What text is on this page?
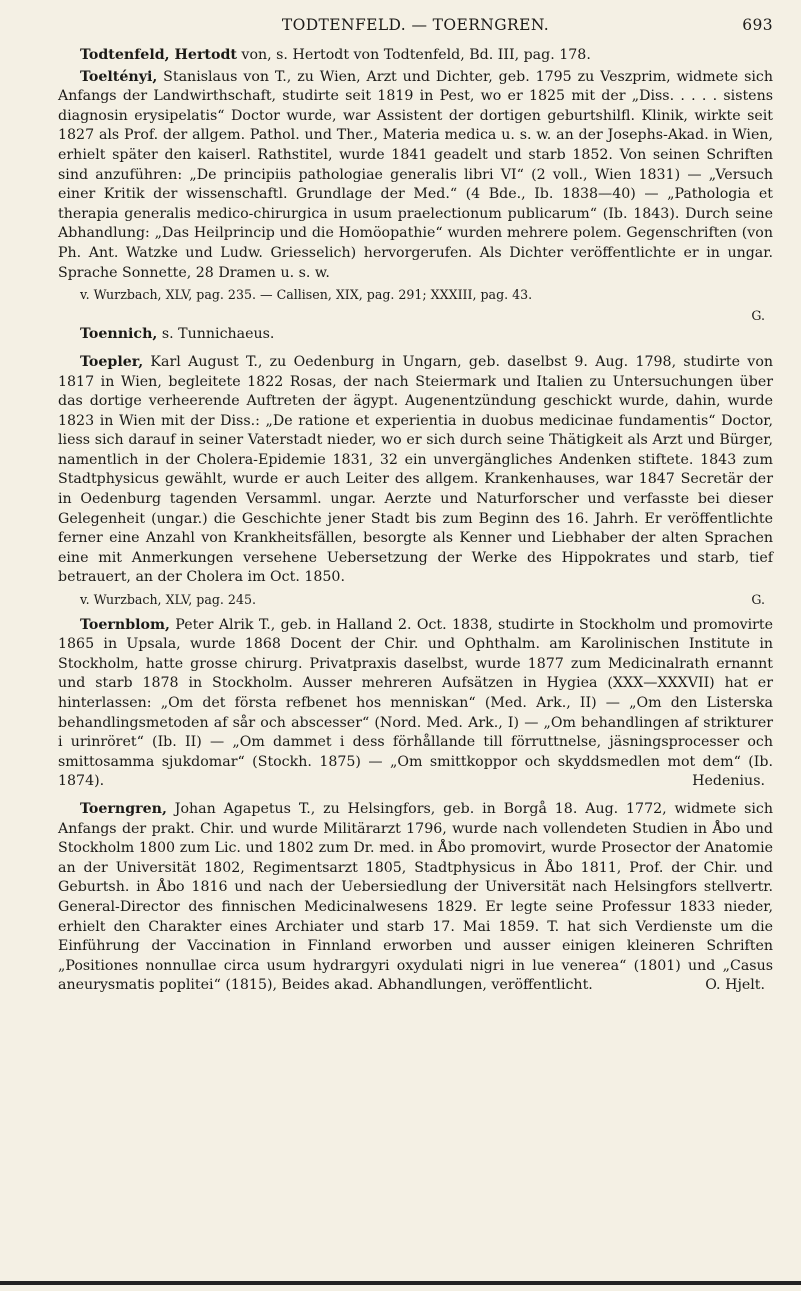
TODTENFELD. — TOERNGREN.	693
Todtenfeld, Hertodt von, s. Hertodt von Todtenfeld, Bd. III, pag. 178.
Toeltényi, Stanislaus von T., zu Wien, Arzt und Dichter, geb. 1795 zu Veszprim, widmete sich Anfangs der Landwirthschaft, studirte seit 1819 in Pest, wo er 1825 mit der „Diss. . . . . sistens diagnosin erysipelatis“ Doctor wurde, war Assistent der dortigen geburtshilfl. Klinik, wirkte seit 1827 als Prof. der allgem. Pathol. und Ther., Materia medica u. s. w. an der Josephs-Akad. in Wien, erhielt später den kaiserl. Rathstitel, wurde 1841 geadelt und starb 1852. Von seinen Schriften sind anzuführen: „De principiis pathologiae generalis libri VI“ (2 voll., Wien 1831) — „Versuch einer Kritik der wissenschaftl. Grundlage der Med.“ (4 Bde., Ib. 1838—40) — „Pathologia et therapia generalis medico-chirurgica in usum praelectionum publicarum“ (Ib. 1843). Durch seine Abhandlung: „Das Heilprincip und die Homöopathie“ wurden mehrere polem. Gegenschriften (von Ph. Ant. Watzke und Ludw. Griesselich) hervorgerufen. Als Dichter veröffentlichte er in ungar. Sprache Sonnette, 28 Dramen u. s. w.
v. Wurzbach, XLV, pag. 235. — Callisen, XIX, pag. 291; XXXIII, pag. 43.
G.
Toennich, s. Tunnichaeus.
Toepler, Karl August T., zu Oedenburg in Ungarn, geb. daselbst 9. Aug. 1798, studirte von 1817 in Wien, begleitete 1822 Rosas, der nach Steiermark und Italien zu Untersuchungen über das dortige verheerende Auftreten der ägypt. Augenentzündung geschickt wurde, dahin, wurde 1823 in Wien mit der Diss.: „De ratione et experientia in duobus medicinae fundamentis“ Doctor, liess sich darauf in seiner Vaterstadt nieder, wo er sich durch seine Thätigkeit als Arzt und Bürger, namentlich in der Cholera-Epidemie 1831, 32 ein unvergängliches Andenken stiftete. 1843 zum Stadtphysicus gewählt, wurde er auch Leiter des allgem. Krankenhauses, war 1847 Secretär der in Oedenburg tagenden Versamml. ungar. Aerzte und Naturforscher und verfasste bei dieser Gelegenheit (ungar.) die Geschichte jener Stadt bis zum Beginn des 16. Jahrh. Er veröffentlichte ferner eine Anzahl von Krankheitsfällen, besorgte als Kenner und Liebhaber der alten Sprachen eine mit Anmerkungen versehene Uebersetzung der Werke des Hippokrates und starb, tief betrauert, an der Cholera im Oct. 1850.
v. Wurzbach, XLV, pag. 245.	G.
Toernblom, Peter Alrik T., geb. in Halland 2. Oct. 1838, studirte in Stockholm und promovirte 1865 in Upsala, wurde 1868 Docent der Chir. und Ophthalm. am Karolinischen Institute in Stockholm, hatte grosse chirurg. Privatpraxis daselbst, wurde 1877 zum Medicinalrath ernannt und starb 1878 in Stockholm. Ausser mehreren Aufsätzen in Hygiea (XXX—XXXVII) hat er hinterlassen: „Om det första refbenet hos menniskan“ (Med. Ark., II) — „Om den Listerska behandlingsmetoden af sår och abscesser“ (Nord. Med. Ark., I) — „Om behandlingen af strikturer i urinröret“ (Ib. II) — „Om dammet i dess förhållande till förruttnelse, jäsningsprocesser och smittosamma sjukdomar“ (Stockh. 1875) — „Om smittkoppor och skyddsmedlen mot dem“ (Ib. 1874).	Hedenius.
Toerngren, Johan Agapetus T., zu Helsingfors, geb. in Borgå 18. Aug. 1772, widmete sich Anfangs der prakt. Chir. und wurde Militärarzt 1796, wurde nach vollendeten Studien in Åbo und Stockholm 1800 zum Lic. und 1802 zum Dr. med. in Åbo promovirt, wurde Prosector der Anatomie an der Universität 1802, Regimentsarzt 1805, Stadtphysicus in Åbo 1811, Prof. der Chir. und Geburtsh. in Åbo 1816 und nach der Uebersiedlung der Universität nach Helsingfors stellvertr. General-Director des finnischen Medicinalwesens 1829. Er legte seine Professur 1833 nieder, erhielt den Charakter eines Archiater und starb 17. Mai 1859. T. hat sich Verdienste um die Einführung der Vaccination in Finnland erworben und ausser einigen kleineren Schriften „Positiones nonnullae circa usum hydrargyri oxydulati nigri in lue venerea“ (1801) und „Casus aneurysmatis poplitei“ (1815), Beides akad. Abhandlungen, veröffentlicht.	O. Hjelt.
